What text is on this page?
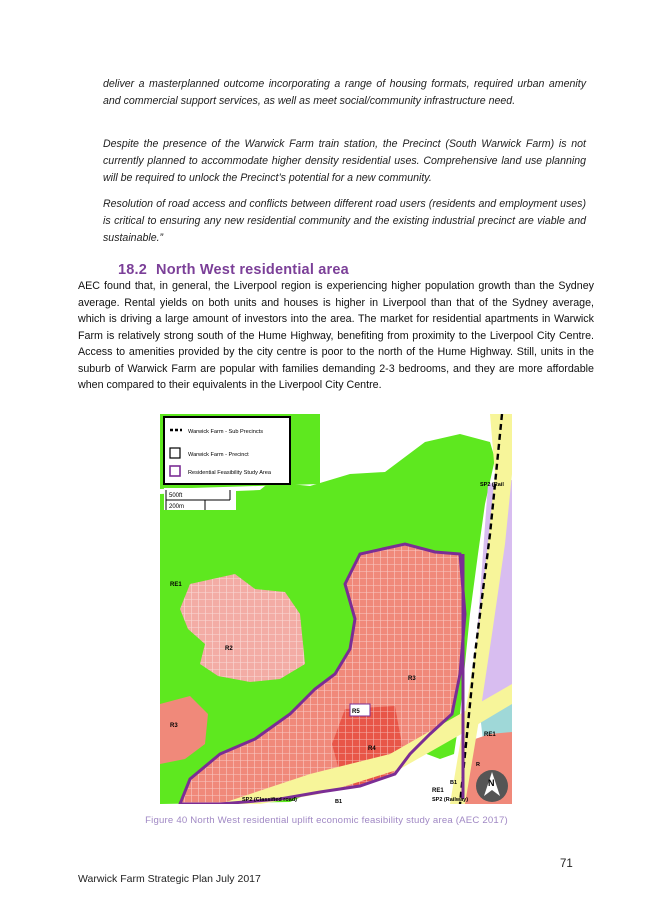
deliver a masterplanned outcome incorporating a range of housing formats, required urban amenity and commercial support services, as well as meet social/community infrastructure need.

Despite the presence of the Warwick Farm train station, the Precinct (South Warwick Farm) is not currently planned to accommodate higher density residential uses. Comprehensive land use planning will be required to unlock the Precinct’s potential for a new community.

Resolution of road access and conflicts between different road users (residents and employment uses) is critical to ensuring any new residential community and the existing industrial precinct are viable and sustainable.”

18.2 North West residential area

AEC found that, in general, the Liverpool region is experiencing higher population growth than the Sydney average. Rental yields on both units and houses is higher in Liverpool than that of the Sydney average, which is driving a large amount of investors into the area. The market for residential apartments in Warwick Farm is relatively strong south of the Hume Highway, benefiting from proximity to the Liverpool City Centre. Access to amenities provided by the city centre is poor to the north of the Hume Highway. Still, units in the suburb of Warwick Farm are popular with families demanding 2-3 bedrooms, and they are more affordable when compared to their equivalents in the Liverpool City Centre.

Warwick Farm - Sub Precincts
Warwick Farm - Precinct
Residential Feasibility Study Area
500ft
200m
RE1
R2
R3
R3
R4
R5
RE1
RE1
SP2 (Classified road)	SP2 (Railway)
SP2 (Rail
B1
B1
R
N

Figure 40 North West residential uplift economic feasibility study area (AEC 2017)

71

Warwick Farm Strategic Plan July 2017
